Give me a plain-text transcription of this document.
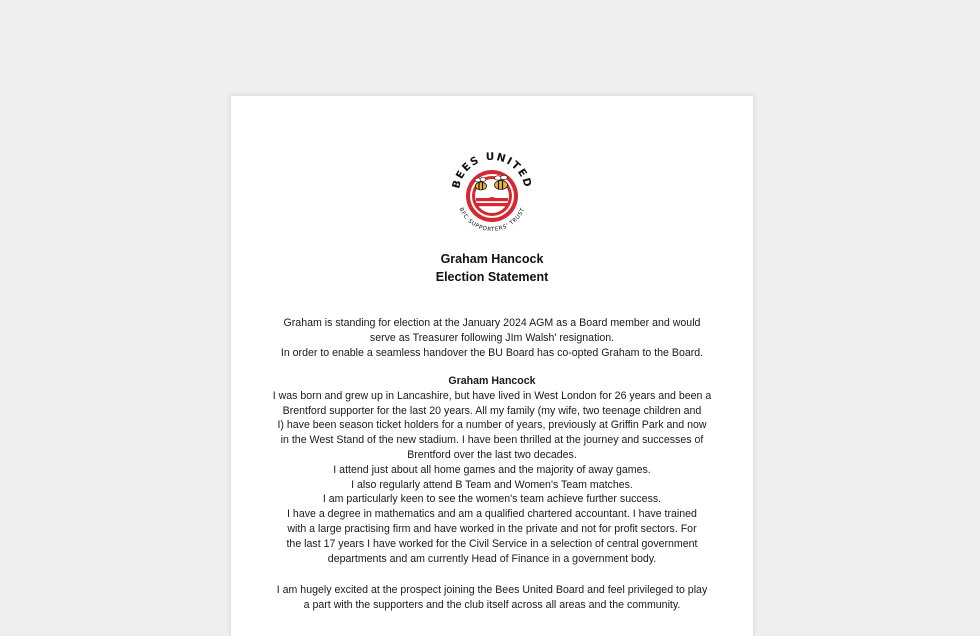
BEES UNITED
BFC SUPPORTERS' TRUST
Graham Hancock
Election Statement
Graham is standing for election at the January 2024 AGM as a Board member and would
serve as Treasurer following JIm Walsh' resignation.
In order to enable a seamless handover the BU Board has co-opted Graham to the Board.
Graham Hancock
I was born and grew up in Lancashire, but have lived in West London for 26 years and been a
Brentford supporter for the last 20 years. All my family (my wife, two teenage children and
I) have been season ticket holders for a number of years, previously at Griffin Park and now
in the West Stand of the new stadium. I have been thrilled at the journey and successes of
Brentford over the last two decades.
I attend just about all home games and the majority of away games.
I also regularly attend B Team and Women's Team matches.
I am particularly keen to see the women's team achieve further success.
I have a degree in mathematics and am a qualified chartered accountant. I have trained
with a large practising firm and have worked in the private and not for profit sectors. For
the last 17 years I have worked for the Civil Service in a selection of central government
departments and am currently Head of Finance in a government body.
I am hugely excited at the prospect joining the Bees United Board and feel privileged to play
a part with the supporters and the club itself across all areas and the community.
